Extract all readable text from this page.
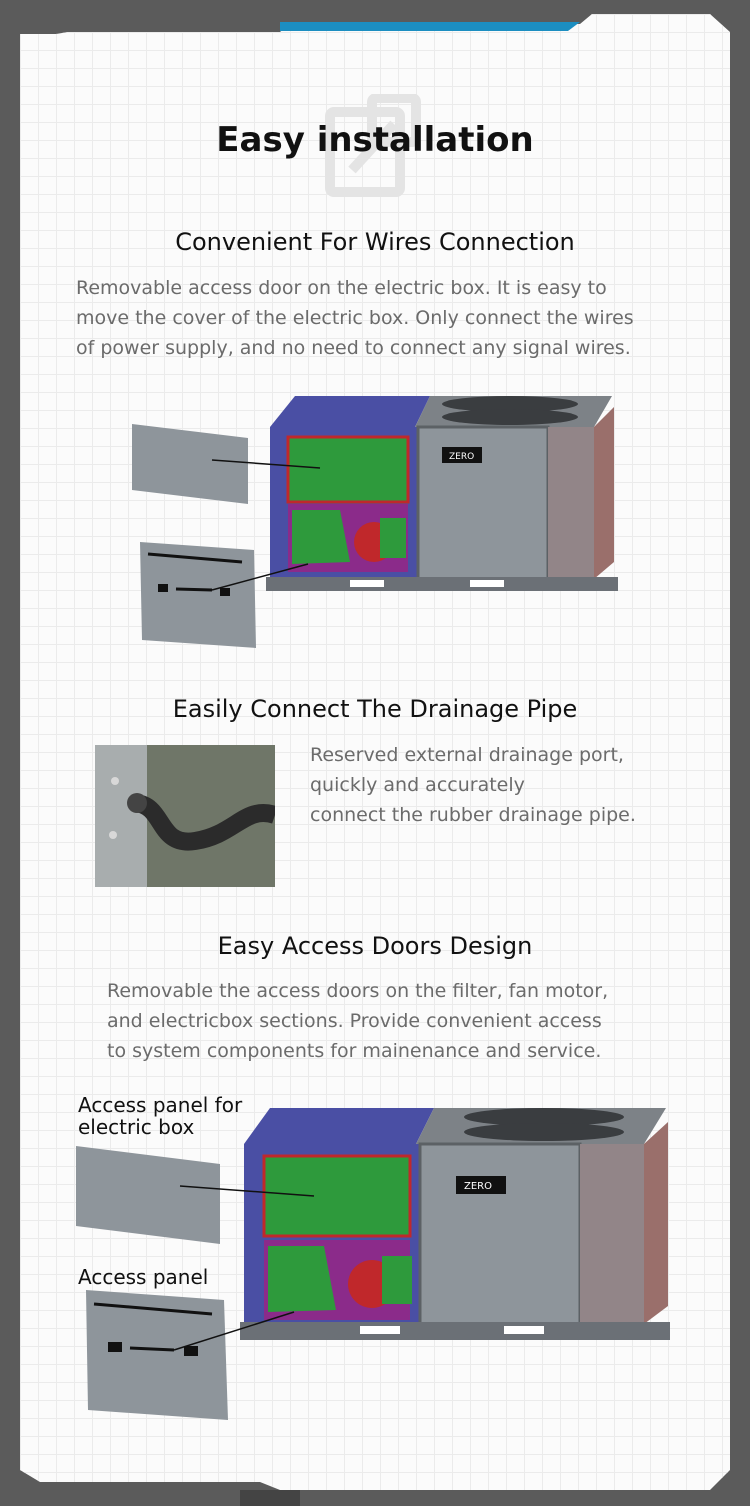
Easy installation
Convenient For Wires Connection
Removable access door on the electric box. It is easy to
move the cover of the electric box. Only connect the wires
of power supply, and no need to connect any signal wires.
ZERO
Easily Connect The Drainage Pipe
Reserved external drainage port,
quickly and accurately
connect the rubber drainage pipe.
Easy Access Doors Design
Removable the access doors on the filter, fan motor,
and electricbox sections. Provide convenient access
to system components for mainenance and service.
Access panel for
electric box
Access panel
ZERO
